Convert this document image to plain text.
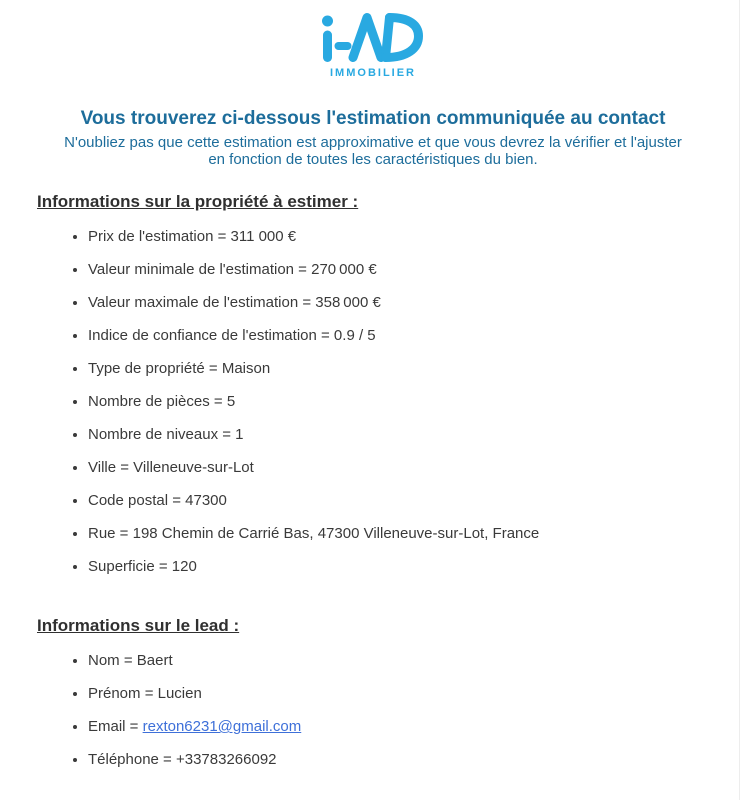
IMMOBILIER
Vous trouverez ci-dessous l'estimation communiquée au contact
N'oubliez pas que cette estimation est approximative et que vous devrez la vérifier et l'ajuster
en fonction de toutes les caractéristiques du bien.
Informations sur la propriété à estimer :
• Prix de l'estimation = 311 000 €
• Valeur minimale de l'estimation = 270 000 €
• Valeur maximale de l'estimation = 358 000 €
• Indice de confiance de l'estimation = 0.9 / 5
• Type de propriété = Maison
• Nombre de pièces = 5
• Nombre de niveaux = 1
• Ville = Villeneuve-sur-Lot
• Code postal = 47300
• Rue = 198 Chemin de Carrié Bas, 47300 Villeneuve-sur-Lot, France
• Superficie = 120
Informations sur le lead :
• Nom = Baert
• Prénom = Lucien
• Email = rexton6231@gmail.com
• Téléphone = +33783266092
